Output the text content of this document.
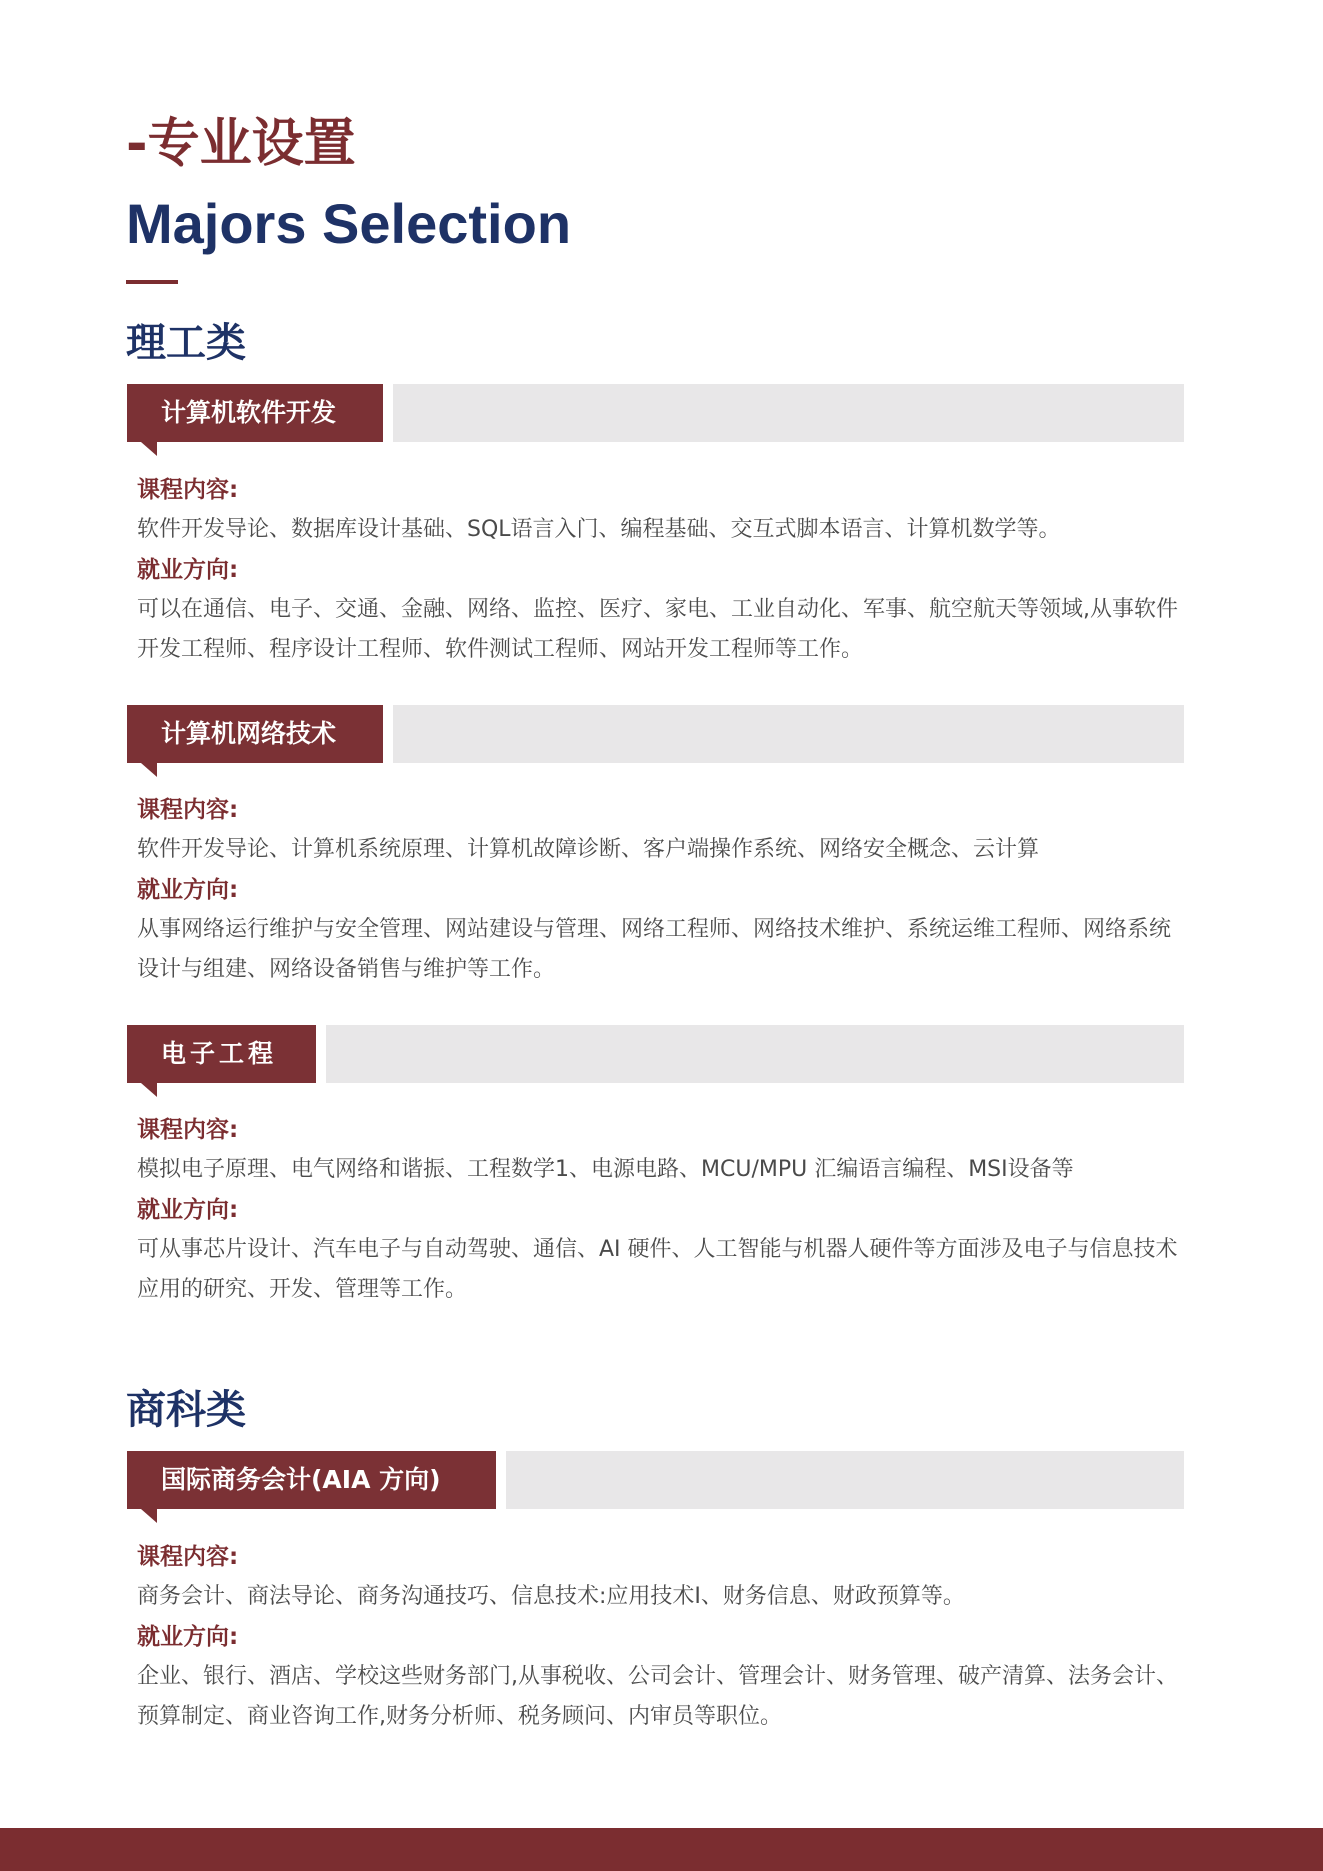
-专业设置
Majors Selection
理工类
计算机软件开发
课程内容:
软件开发导论、数据库设计基础、SQL语言入门、编程基础、交互式脚本语言、计算机数学等。
就业方向:
可以在通信、电子、交通、金融、网络、监控、医疗、家电、工业自动化、军事、航空航天等领域,从事软件开发工程师、程序设计工程师、软件测试工程师、网站开发工程师等工作。
计算机网络技术
课程内容:
软件开发导论、计算机系统原理、计算机故障诊断、客户端操作系统、网络安全概念、云计算
就业方向:
从事网络运行维护与安全管理、网站建设与管理、网络工程师、网络技术维护、系统运维工程师、网络系统设计与组建、网络设备销售与维护等工作。
电子工程
课程内容:
模拟电子原理、电气网络和谐振、工程数学1、电源电路、MCU/MPU 汇编语言编程、MSI设备等
就业方向:
可从事芯片设计、汽车电子与自动驾驶、通信、AI 硬件、人工智能与机器人硬件等方面涉及电子与信息技术应用的研究、开发、管理等工作。
商科类
国际商务会计(AIA 方向)
课程内容:
商务会计、商法导论、商务沟通技巧、信息技术:应用技术I、财务信息、财政预算等。
就业方向:
企业、银行、酒店、学校这些财务部门,从事税收、公司会计、管理会计、财务管理、破产清算、法务会计、预算制定、商业咨询工作,财务分析师、税务顾问、内审员等职位。
